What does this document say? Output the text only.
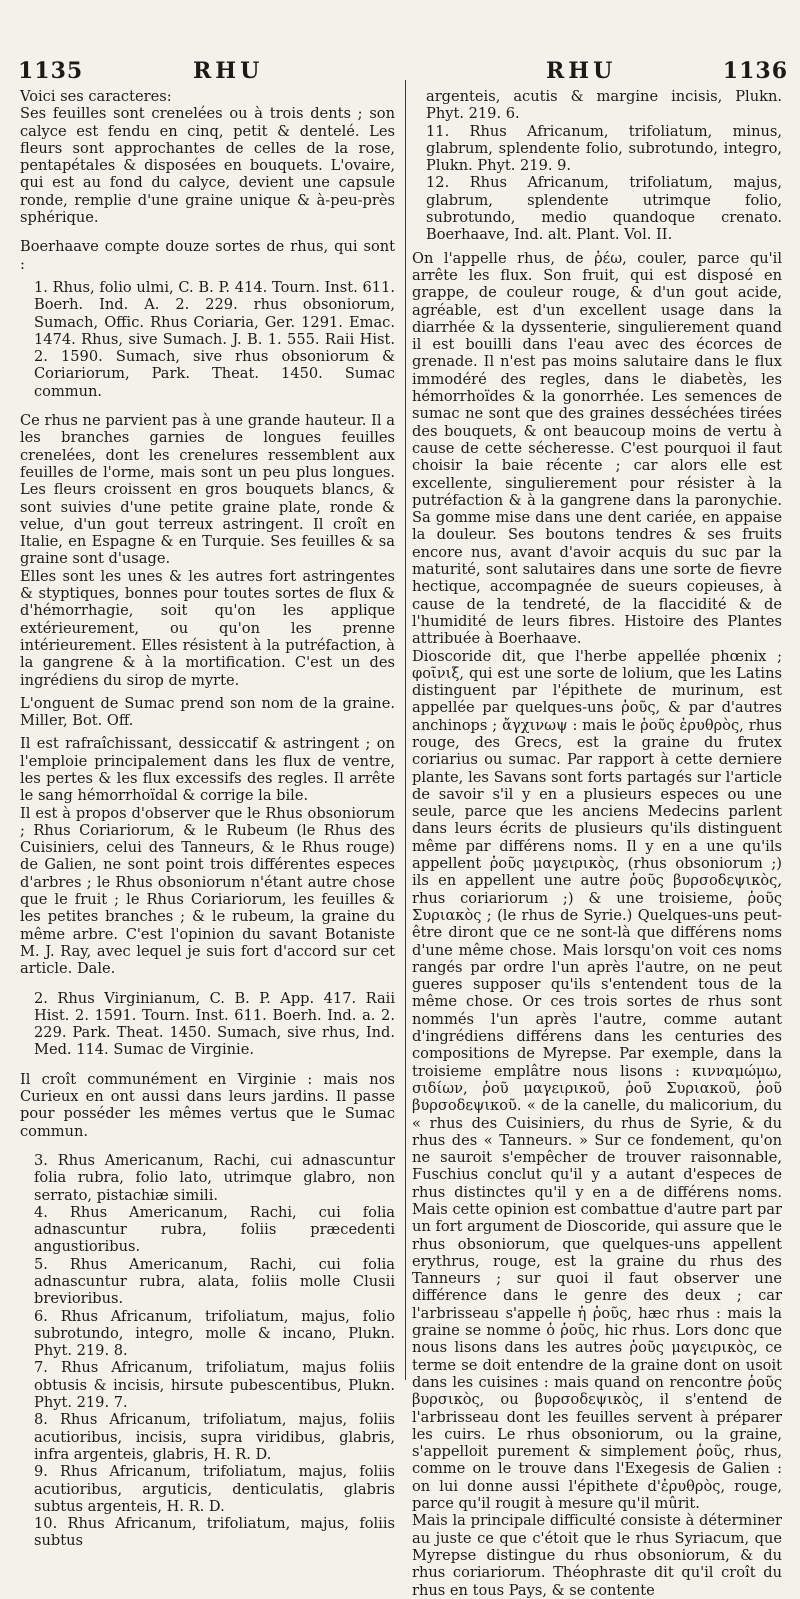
1135	RHU	RHU	1136

Voici ses caracteres:

Ses feuilles sont crenelées ou à trois dents ; son calyce est fendu en cinq, petit & dentelé. Les fleurs sont approchantes de celles de la rose, pentapétales & disposées en bouquets. L'ovaire, qui est au fond du calyce, devient une capsule ronde, remplie d'une graine unique & à-peu-près sphérique.

Boerhaave compte douze sortes de rhus, qui sont :

1. Rhus, folio ulmi, C. B. P. 414. Tourn. Inst. 611. Boerh. Ind. A. 2. 229. rhus obsoniorum, Sumach, Offic. Rhus Coriaria, Ger. 1291. Emac. 1474. Rhus, sive Sumach. J. B. 1. 555. Raii Hist. 2. 1590. Sumach, sive rhus obsoniorum & Coriariorum, Park. Theat. 1450. Sumac commun.

Ce rhus ne parvient pas à une grande hauteur. Il a les branches garnies de longues feuilles crenelées, dont les crenelures ressemblent aux feuilles de l'orme, mais sont un peu plus longues. Les fleurs croissent en gros bouquets blancs, & sont suivies d'une petite graine plate, ronde & velue, d'un gout terreux astringent. Il croît en Italie, en Espagne & en Turquie. Ses feuilles & sa graine sont d'usage.

Elles sont les unes & les autres fort astringentes & styptiques, bonnes pour toutes sortes de flux & d'hémorrhagie, soit qu'on les applique extérieurement, ou qu'on les prenne intérieurement. Elles résistent à la putréfaction, à la gangrene & à la mortification. C'est un des ingrédiens du sirop de myrte.

L'onguent de Sumac prend son nom de la graine. Miller, Bot. Off.

Il est rafraîchissant, dessiccatif & astringent ; on l'emploie principalement dans les flux de ventre, les pertes & les flux excessifs des regles. Il arrête le sang hémorrhoïdal & corrige la bile.

Il est à propos d'observer que le Rhus obsoniorum ; Rhus Coriariorum, & le Rubeum (le Rhus des Cuisiniers, celui des Tanneurs, & le Rhus rouge) de Galien, ne sont point trois différentes especes d'arbres ; le Rhus obsoniorum n'étant autre chose que le fruit ; le Rhus Coriariorum, les feuilles & les petites branches ; & le rubeum, la graine du même arbre. C'est l'opinion du savant Botaniste M. J. Ray, avec lequel je suis fort d'accord sur cet article. Dale.

2. Rhus Virginianum, C. B. P. App. 417. Raii Hist. 2. 1591. Tourn. Inst. 611. Boerh. Ind. a. 2. 229. Park. Theat. 1450. Sumach, sive rhus, Ind. Med. 114. Sumac de Virginie.

Il croît communément en Virginie : mais nos Curieux en ont aussi dans leurs jardins. Il passe pour posséder les mêmes vertus que le Sumac commun.

3. Rhus Americanum, Rachi, cui adnascuntur folia rubra, folio lato, utrimque glabro, non serrato, pistachiæ simili.

4. Rhus Americanum, Rachi, cui folia adnascuntur rubra, foliis præcedenti angustioribus.

5. Rhus Americanum, Rachi, cui folia adnascuntur rubra, alata, foliis molle Clusii brevioribus.

6. Rhus Africanum, trifoliatum, majus, folio subrotundo, integro, molle & incano, Plukn. Phyt. 219. 8.

7. Rhus Africanum, trifoliatum, majus foliis obtusis & incisis, hirsute pubescentibus, Plukn. Phyt. 219. 7.

8. Rhus Africanum, trifoliatum, majus, foliis acutioribus, incisis, supra viridibus, glabris, infra argenteis, glabris, H. R. D.

9. Rhus Africanum, trifoliatum, majus, foliis acutioribus, arguticis, denticulatis, glabris subtus argenteis, H. R. D.

10. Rhus Africanum, trifoliatum, majus, foliis subtus

argenteis, acutis & margine incisis, Plukn. Phyt. 219. 6.

11. Rhus Africanum, trifoliatum, minus, glabrum, splendente folio, subrotundo, integro, Plukn. Phyt. 219. 9.

12. Rhus Africanum, trifoliatum, majus, glabrum, splendente utrimque folio, subrotundo, medio quandoque crenato. Boerhaave, Ind. alt. Plant. Vol. II.

On l'appelle rhus, de ῥέω, couler, parce qu'il arrête les flux. Son fruit, qui est disposé en grappe, de couleur rouge, & d'un gout acide, agréable, est d'un excellent usage dans la diarrhée & la dyssenterie, singulierement quand il est bouilli dans l'eau avec des écorces de grenade. Il n'est pas moins salutaire dans le flux immodéré des regles, dans le diabetès, les hémorrhoïdes & la gonorrhée. Les semences de sumac ne sont que des graines desséchées tirées des bouquets, & ont beaucoup moins de vertu à cause de cette sécheresse. C'est pourquoi il faut choisir la baie récente ; car alors elle est excellente, singulierement pour résister à la putréfaction & à la gangrene dans la paronychie. Sa gomme mise dans une dent cariée, en appaise la douleur. Ses boutons tendres & ses fruits encore nus, avant d'avoir acquis du suc par la maturité, sont salutaires dans une sorte de fievre hectique, accompagnée de sueurs copieuses, à cause de la tendreté, de la flaccidité & de l'humidité de leurs fibres. Histoire des Plantes attribuée à Boerhaave.

Dioscoride dit, que l'herbe appellée phœnix ; φοῖνιξ, qui est une sorte de lolium, que les Latins distinguent par l'épithete de murinum, est appellée par quelques-uns ῥοῦς, & par d'autres anchinops ; ἄγχινωψ : mais le ῥοῦς ἐρυθρὸς, rhus rouge, des Grecs, est la graine du frutex coriarius ou sumac. Par rapport à cette derniere plante, les Savans sont forts partagés sur l'article de savoir s'il y en a plusieurs especes ou une seule, parce que les anciens Medecins parlent dans leurs écrits de plusieurs qu'ils distinguent même par différens noms. Il y en a une qu'ils appellent ῥοῦς μαγειρικὸς, (rhus obsoniorum ;) ils en appellent une autre ῥοῦς βυρσοδεψικὸς, rhus coriariorum ;) & une troisieme, ῥοῦς Συριακὸς ; (le rhus de Syrie.) Quelques-uns peut-être diront que ce ne sont-là que différens noms d'une même chose. Mais lorsqu'on voit ces noms rangés par ordre l'un après l'autre, on ne peut gueres supposer qu'ils s'entendent tous de la même chose. Or ces trois sortes de rhus sont nommés l'un après l'autre, comme autant d'ingrédiens différens dans les centuries des compositions de Myrepse. Par exemple, dans la troisieme emplâtre nous lisons : κινναμώμω, σιδίων, ῥοῦ μαγειρικοῦ, ῥοῦ Συριακοῦ, ῥοῦ βυρσοδεψικοῦ. « de la canelle, du malicorium, du « rhus des Cuisiniers, du rhus de Syrie, & du rhus des « Tanneurs. » Sur ce fondement, qu'on ne sauroit s'empêcher de trouver raisonnable, Fuschius conclut qu'il y a autant d'especes de rhus distinctes qu'il y en a de différens noms. Mais cette opinion est combattue d'autre part par un fort argument de Dioscoride, qui assure que le rhus obsoniorum, que quelques-uns appellent erythrus, rouge, est la graine du rhus des Tanneurs ; sur quoi il faut observer une différence dans le genre des deux ; car l'arbrisseau s'appelle ἡ ῥοῦς, hæc rhus : mais la graine se nomme ὁ ῥοῦς, hic rhus. Lors donc que nous lisons dans les autres ῥοῦς μαγειρικὸς, ce terme se doit entendre de la graine dont on usoit dans les cuisines : mais quand on rencontre ῥοῦς βυρσικὸς, ou βυρσοδεψικὸς, il s'entend de l'arbrisseau dont les feuilles servent à préparer les cuirs. Le rhus obsoniorum, ou la graine, s'appelloit purement & simplement ῥοῦς, rhus, comme on le trouve dans l'Exegesis de Galien : on lui donne aussi l'épithete d'ἐρυθρὸς, rouge, parce qu'il rougit à mesure qu'il mûrit.

Mais la principale difficulté consiste à déterminer au juste ce que c'étoit que le rhus Syriacum, que Myrepse distingue du rhus obsoniorum, & du rhus coriariorum. Théophraste dit qu'il croît du rhus en tous Pays, & se contente
